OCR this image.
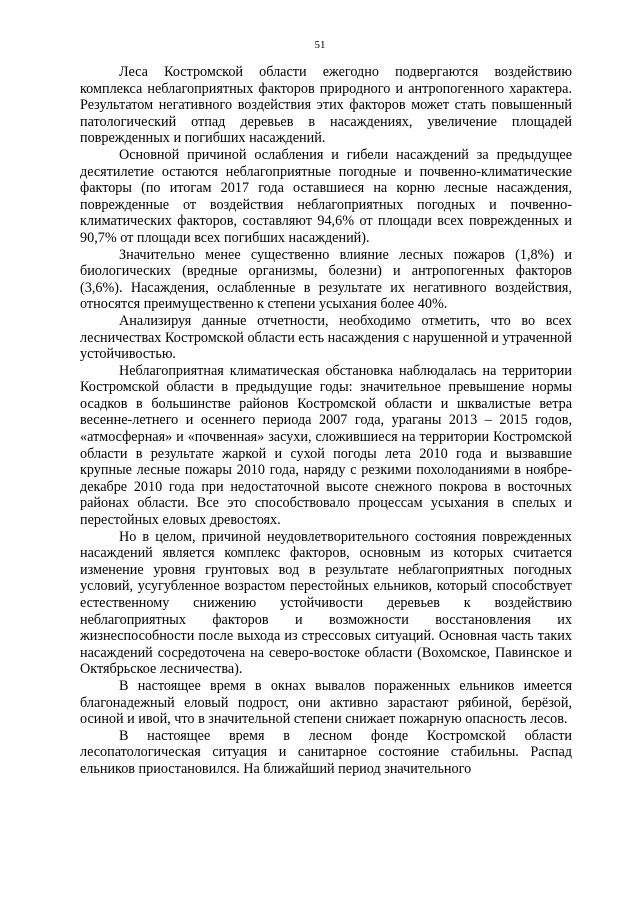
51

Леса Костромской области ежегодно подвергаются воздействию комплекса неблагоприятных факторов природного и антропогенного характера. Результатом негативного воздействия этих факторов может стать повышенный патологический отпад деревьев в насаждениях, увеличение площадей поврежденных и погибших насаждений.

Основной причиной ослабления и гибели насаждений за предыдущее десятилетие остаются неблагоприятные погодные и почвенно-климатические факторы (по итогам 2017 года оставшиеся на корню лесные насаждения, поврежденные от воздействия неблагоприятных погодных и почвенно-климатических факторов, составляют 94,6% от площади всех поврежденных и 90,7% от площади всех погибших насаждений).

Значительно менее существенно влияние лесных пожаров (1,8%) и биологических (вредные организмы, болезни) и антропогенных факторов (3,6%). Насаждения, ослабленные в результате их негативного воздействия, относятся преимущественно к степени усыхания более 40%.

Анализируя данные отчетности, необходимо отметить, что во всех лесничествах Костромской области есть насаждения с нарушенной и утраченной устойчивостью.

Неблагоприятная климатическая обстановка наблюдалась на территории Костромской области в предыдущие годы: значительное превышение нормы осадков в большинстве районов Костромской области и шквалистые ветра весенне-летнего и осеннего периода 2007 года, ураганы 2013 – 2015 годов, «атмосферная» и «почвенная» засухи, сложившиеся на территории Костромской области в результате жаркой и сухой погоды лета 2010 года и вызвавшие крупные лесные пожары 2010 года, наряду с резкими похолоданиями в ноябре-декабре 2010 года при недостаточной высоте снежного покрова в восточных районах области. Все это способствовало процессам усыхания в спелых и перестойных еловых древостоях.

Но в целом, причиной неудовлетворительного состояния поврежденных насаждений является комплекс факторов, основным из которых считается изменение уровня грунтовых вод в результате неблагоприятных погодных условий, усугубленное возрастом перестойных ельников, который способствует естественному снижению устойчивости деревьев к воздействию неблагоприятных факторов и возможности восстановления их жизнеспособности после выхода из стрессовых ситуаций. Основная часть таких насаждений сосредоточена на северо-востоке области (Вохомское, Павинское и Октябрьское лесничества).

В настоящее время в окнах вывалов пораженных ельников имеется благонадежный еловый подрост, они активно зарастают рябиной, берёзой, осиной и ивой, что в значительной степени снижает пожарную опасность лесов.

В настоящее время в лесном фонде Костромской области лесопатологическая ситуация и санитарное состояние стабильны. Распад ельников приостановился. На ближайший период значительного
